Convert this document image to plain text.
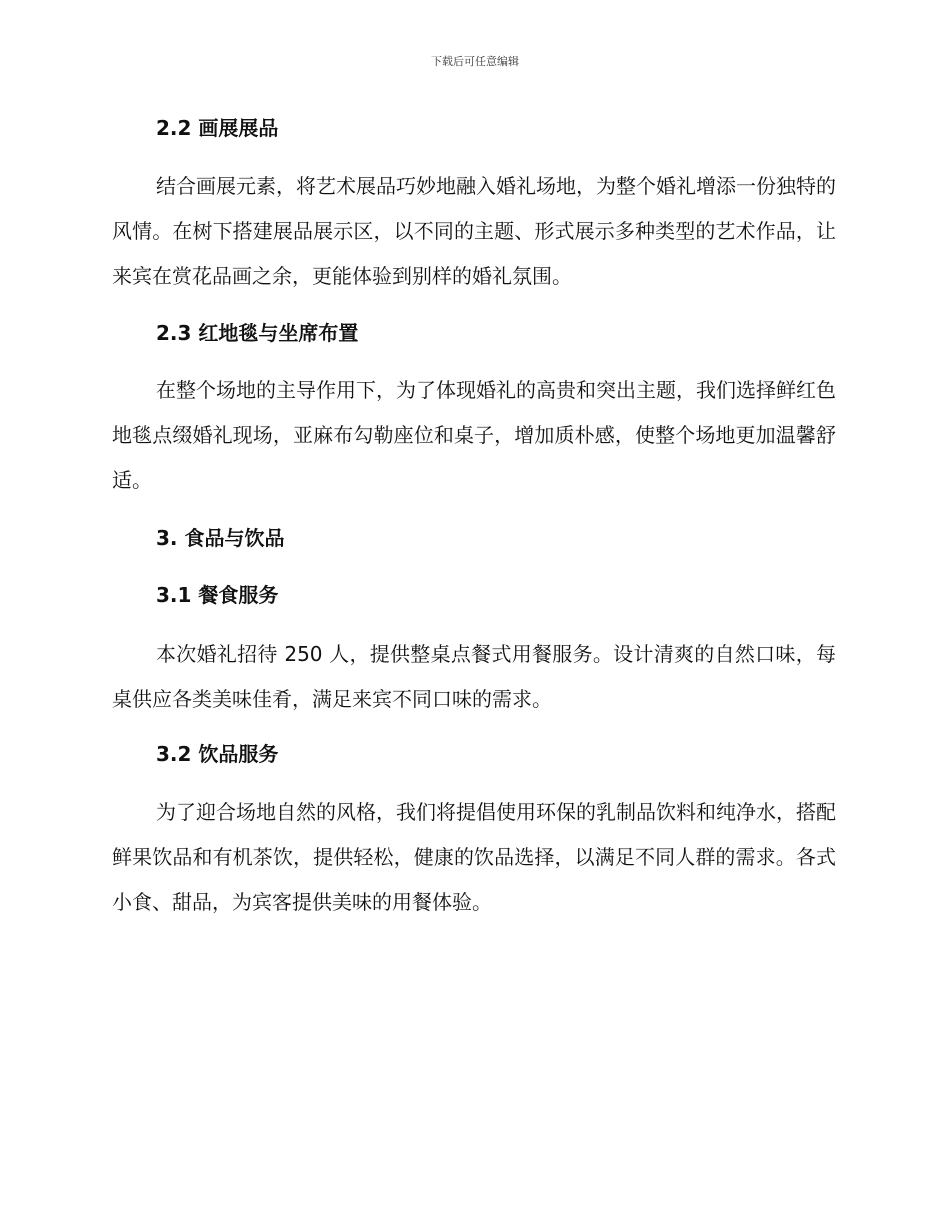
下载后可任意编辑
2.2 画展展品
结合画展元素，将艺术展品巧妙地融入婚礼场地，为整个婚礼增添一份独特的风情。在树下搭建展品展示区，以不同的主题、形式展示多种类型的艺术作品，让来宾在赏花品画之余，更能体验到别样的婚礼氛围。
2.3 红地毯与坐席布置
在整个场地的主导作用下，为了体现婚礼的高贵和突出主题，我们选择鲜红色地毯点缀婚礼现场，亚麻布勾勒座位和桌子，增加质朴感，使整个场地更加温馨舒适。
3. 食品与饮品
3.1 餐食服务
本次婚礼招待 250 人，提供整桌点餐式用餐服务。设计清爽的自然口味，每桌供应各类美味佳肴，满足来宾不同口味的需求。
3.2 饮品服务
为了迎合场地自然的风格，我们将提倡使用环保的乳制品饮料和纯净水，搭配鲜果饮品和有机茶饮，提供轻松，健康的饮品选择，以满足不同人群的需求。各式小食、甜品，为宾客提供美味的用餐体验。
